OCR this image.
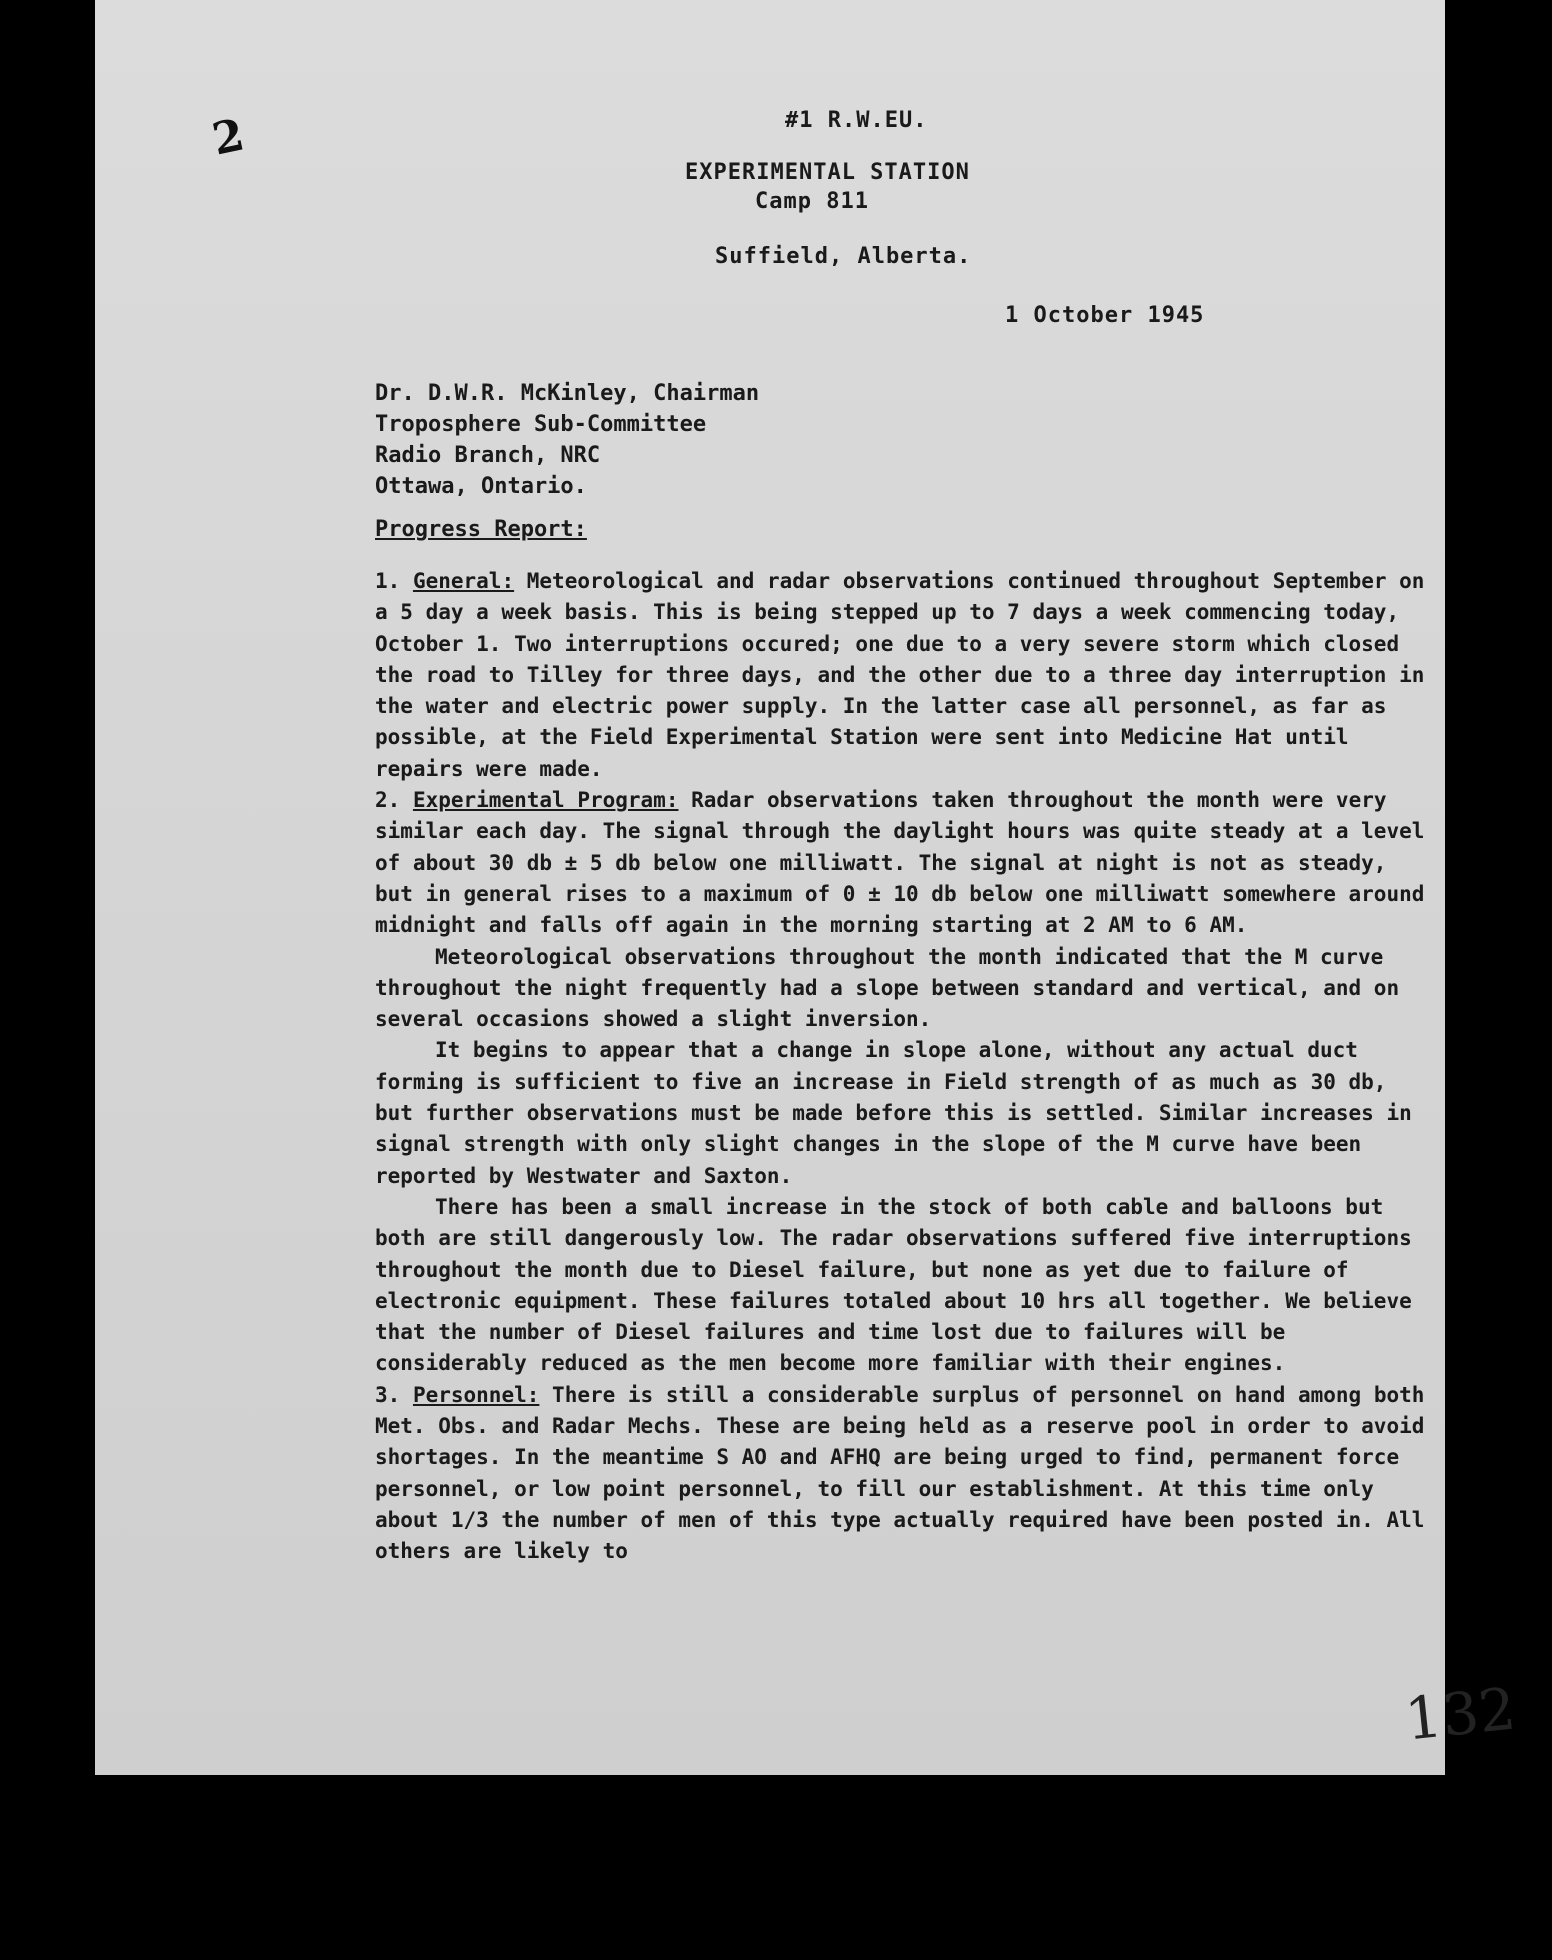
2	#1 R.W.EU.
EXPERIMENTAL STATION
Camp 811
Suffield, Alberta.
1 October 1945
Dr. D.W.R. McKinley, Chairman
Troposphere Sub-Committee
Radio Branch, NRC
Ottawa, Ontario.
Progress Report:

1. General: Meteorological and radar observations continued throughout September on a 5 day a week basis. This is being stepped up to 7 days a week commencing today, October 1. Two interruptions occured; one due to a very severe storm which closed the road to Tilley for three days, and the other due to a three day interruption in the water and electric power supply. In the latter case all personnel, as far as possible, at the Field Experimental Station were sent into Medicine Hat until repairs were made.

2. Experimental Program: Radar observations taken throughout the month were very similar each day. The signal through the daylight hours was quite steady at a level of about 30 db ± 5 db below one milliwatt. The signal at night is not as steady, but in general rises to a maximum of 0 ± 10 db below one milliwatt somewhere around midnight and falls off again in the morning starting at 2 AM to 6 AM.

Meteorological observations throughout the month indicated that the M curve throughout the night frequently had a slope between standard and vertical, and on several occasions showed a slight inversion.

It begins to appear that a change in slope alone, without any actual duct forming is sufficient to five an increase in Field strength of as much as 30 db, but further observations must be made before this is settled. Similar increases in signal strength with only slight changes in the slope of the M curve have been reported by Westwater and Saxton.

There has been a small increase in the stock of both cable and balloons but both are still dangerously low. The radar observations suffered five interruptions throughout the month due to Diesel failure, but none as yet due to failure of electronic equipment. These failures totaled about 10 hrs all together. We believe that the number of Diesel failures and time lost due to failures will be considerably reduced as the men become more familiar with their engines.

3. Personnel: There is still a considerable surplus of personnel on hand among both Met. Obs. and Radar Mechs. These are being held as a reserve pool in order to avoid shortages. In the meantime S AO and AFHQ are being urged to find, permanent force personnel, or low point personnel, to fill our establishment. At this time only about 1/3 the number of men of this type actually required have been posted in. All others are likely to

132
